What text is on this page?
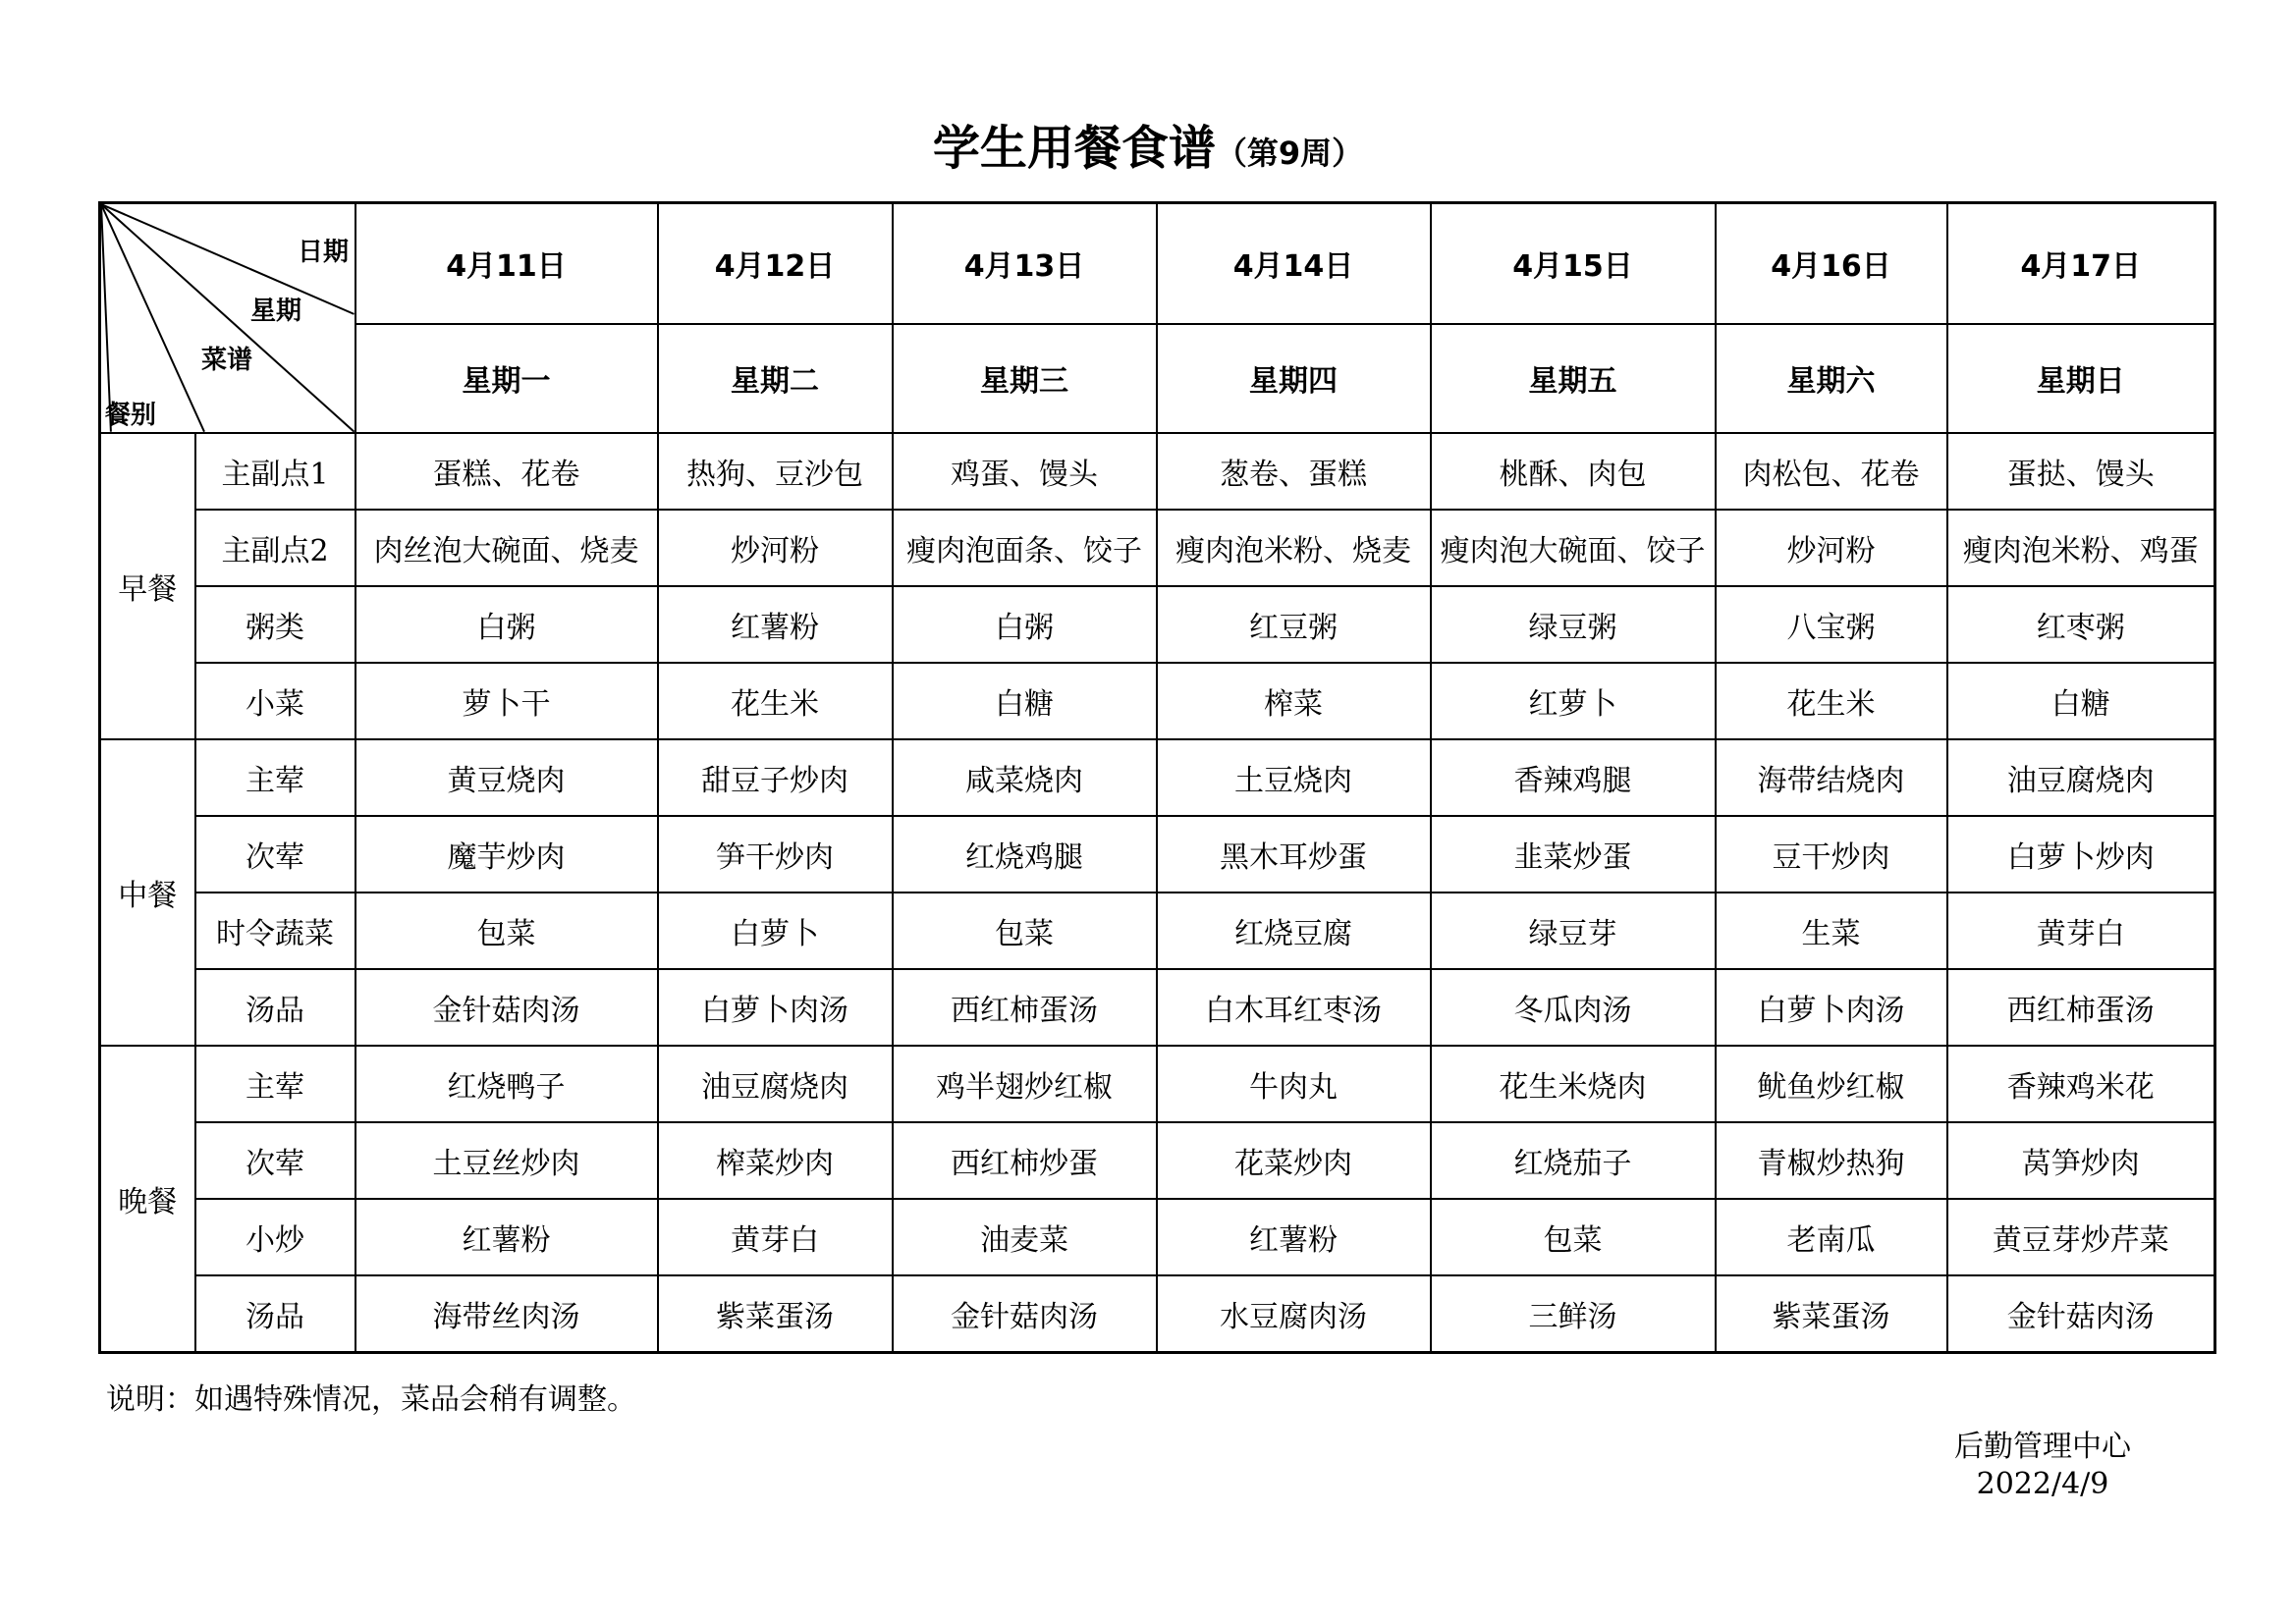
学生用餐食谱（第9周）
日期
星期
菜谱
餐别		4月11日	4月12日	4月13日	4月14日	4月15日	4月16日	4月17日
		星期一	星期二	星期三	星期四	星期五	星期六	星期日
早餐	主副点1	蛋糕、花卷	热狗、豆沙包	鸡蛋、馒头	葱卷、蛋糕	桃酥、肉包	肉松包、花卷	蛋挞、馒头
	主副点2	肉丝泡大碗面、烧麦	炒河粉	瘦肉泡面条、饺子	瘦肉泡米粉、烧麦	瘦肉泡大碗面、饺子	炒河粉	瘦肉泡米粉、鸡蛋
	粥类	白粥	红薯粉	白粥	红豆粥	绿豆粥	八宝粥	红枣粥
	小菜	萝卜干	花生米	白糖	榨菜	红萝卜	花生米	白糖
中餐	主荤	黄豆烧肉	甜豆子炒肉	咸菜烧肉	土豆烧肉	香辣鸡腿	海带结烧肉	油豆腐烧肉
	次荤	魔芋炒肉	笋干炒肉	红烧鸡腿	黑木耳炒蛋	韭菜炒蛋	豆干炒肉	白萝卜炒肉
	时令蔬菜	包菜	白萝卜	包菜	红烧豆腐	绿豆芽	生菜	黄芽白
	汤品	金针菇肉汤	白萝卜肉汤	西红柿蛋汤	白木耳红枣汤	冬瓜肉汤	白萝卜肉汤	西红柿蛋汤
晚餐	主荤	红烧鸭子	油豆腐烧肉	鸡半翅炒红椒	牛肉丸	花生米烧肉	鱿鱼炒红椒	香辣鸡米花
	次荤	土豆丝炒肉	榨菜炒肉	西红柿炒蛋	花菜炒肉	红烧茄子	青椒炒热狗	莴笋炒肉
	小炒	红薯粉	黄芽白	油麦菜	红薯粉	包菜	老南瓜	黄豆芽炒芹菜
	汤品	海带丝肉汤	紫菜蛋汤	金针菇肉汤	水豆腐肉汤	三鲜汤	紫菜蛋汤	金针菇肉汤
说明：如遇特殊情况，菜品会稍有调整。
后勤管理中心
2022/4/9
